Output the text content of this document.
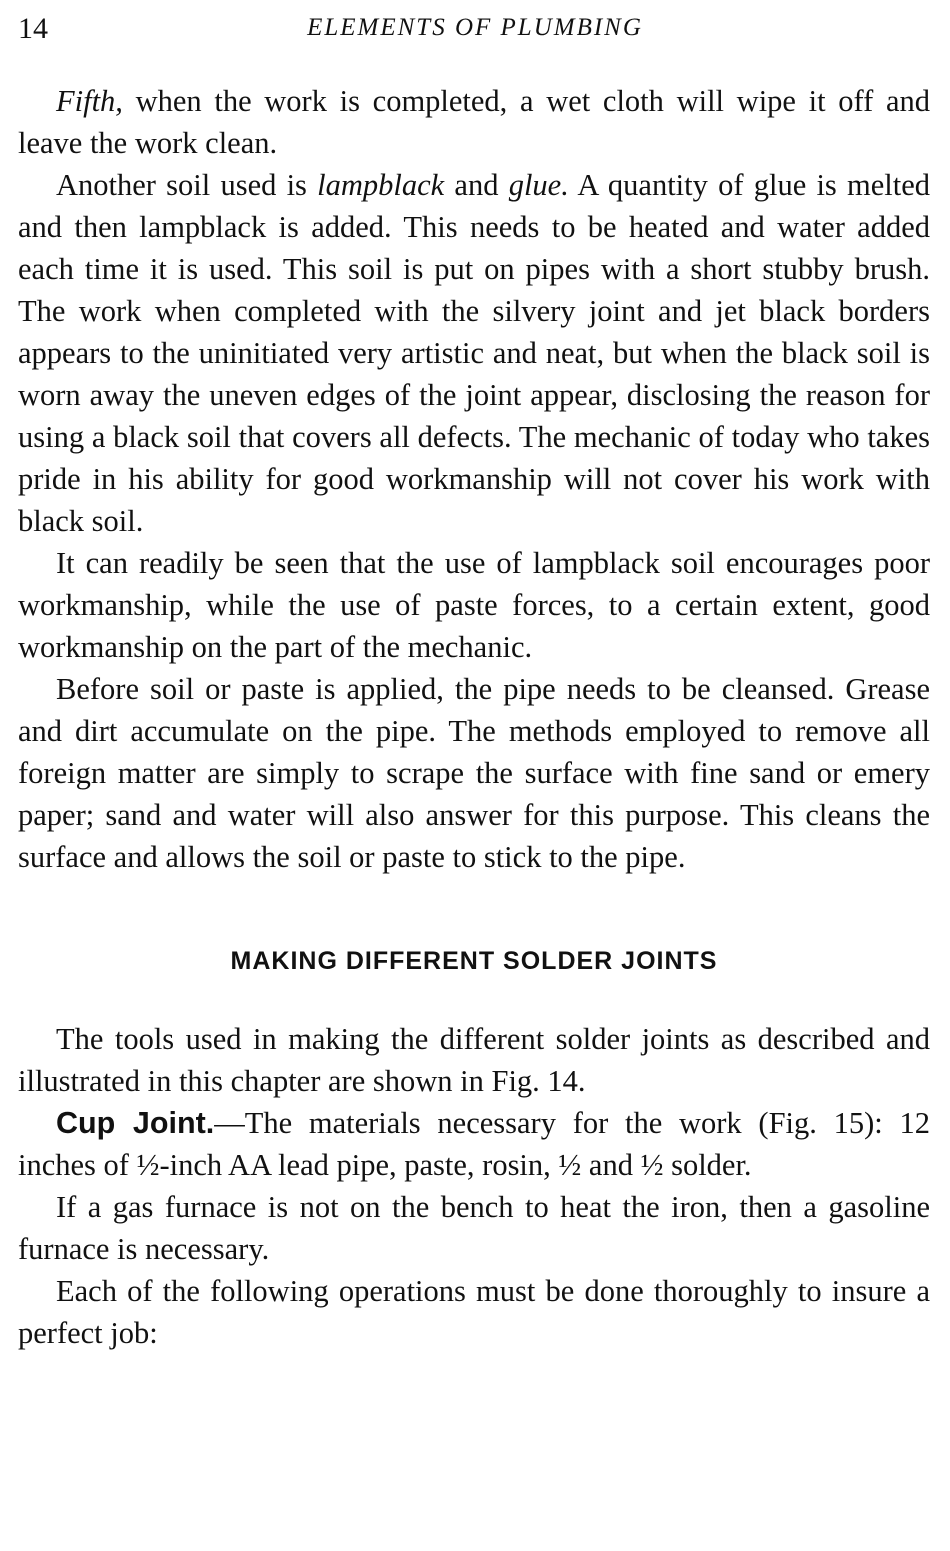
14	ELEMENTS OF PLUMBING

Fifth, when the work is completed, a wet cloth will wipe it off and leave the work clean.

Another soil used is lampblack and glue. A quantity of glue is melted and then lampblack is added. This needs to be heated and water added each time it is used. This soil is put on pipes with a short stubby brush. The work when completed with the silvery joint and jet black borders appears to the uninitiated very artistic and neat, but when the black soil is worn away the uneven edges of the joint appear, disclosing the reason for using a black soil that covers all defects. The mechanic of today who takes pride in his ability for good workmanship will not cover his work with black soil.

It can readily be seen that the use of lampblack soil encourages poor workmanship, while the use of paste forces, to a certain extent, good workmanship on the part of the mechanic.

Before soil or paste is applied, the pipe needs to be cleansed. Grease and dirt accumulate on the pipe. The methods employed to remove all foreign matter are simply to scrape the surface with fine sand or emery paper; sand and water will also answer for this purpose. This cleans the surface and allows the soil or paste to stick to the pipe.

MAKING DIFFERENT SOLDER JOINTS

The tools used in making the different solder joints as described and illustrated in this chapter are shown in Fig. 14.

Cup Joint.—The materials necessary for the work (Fig. 15): 12 inches of ½-inch AA lead pipe, paste, rosin, ½ and ½ solder.

If a gas furnace is not on the bench to heat the iron, then a gasoline furnace is necessary.

Each of the following operations must be done thoroughly to insure a perfect job:
